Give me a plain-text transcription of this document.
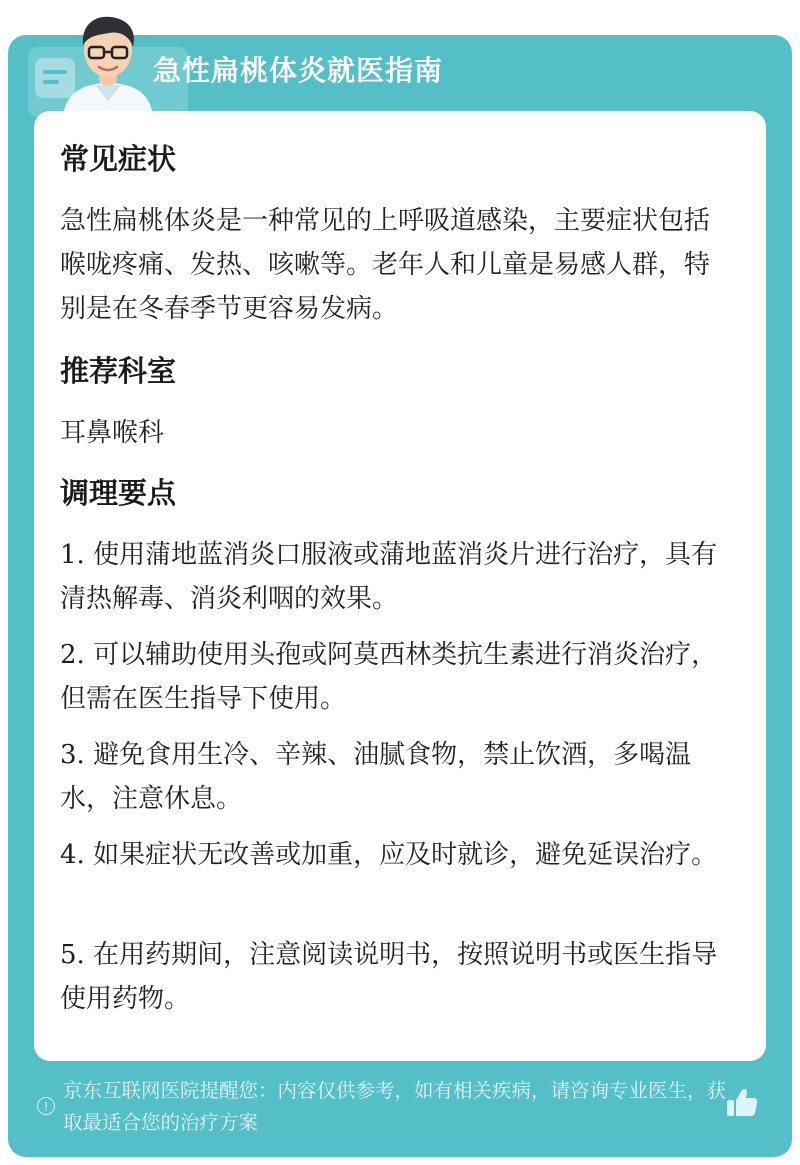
急性扁桃体炎就医指南
常见症状
急性扁桃体炎是一种常见的上呼吸道感染，主要症状包括喉咙疼痛、发热、咳嗽等。老年人和儿童是易感人群，特别是在冬春季节更容易发病。
推荐科室
耳鼻喉科
调理要点
1. 使用蒲地蓝消炎口服液或蒲地蓝消炎片进行治疗，具有清热解毒、消炎利咽的效果。
2. 可以辅助使用头孢或阿莫西林类抗生素进行消炎治疗，但需在医生指导下使用。
3. 避免食用生冷、辛辣、油腻食物，禁止饮酒，多喝温水，注意休息。
4. 如果症状无改善或加重，应及时就诊，避免延误治疗。
5. 在用药期间，注意阅读说明书，按照说明书或医生指导使用药物。
!
京东互联网医院提醒您：内容仅供参考，如有相关疾病，请咨询专业医生，获取最适合您的治疗方案
